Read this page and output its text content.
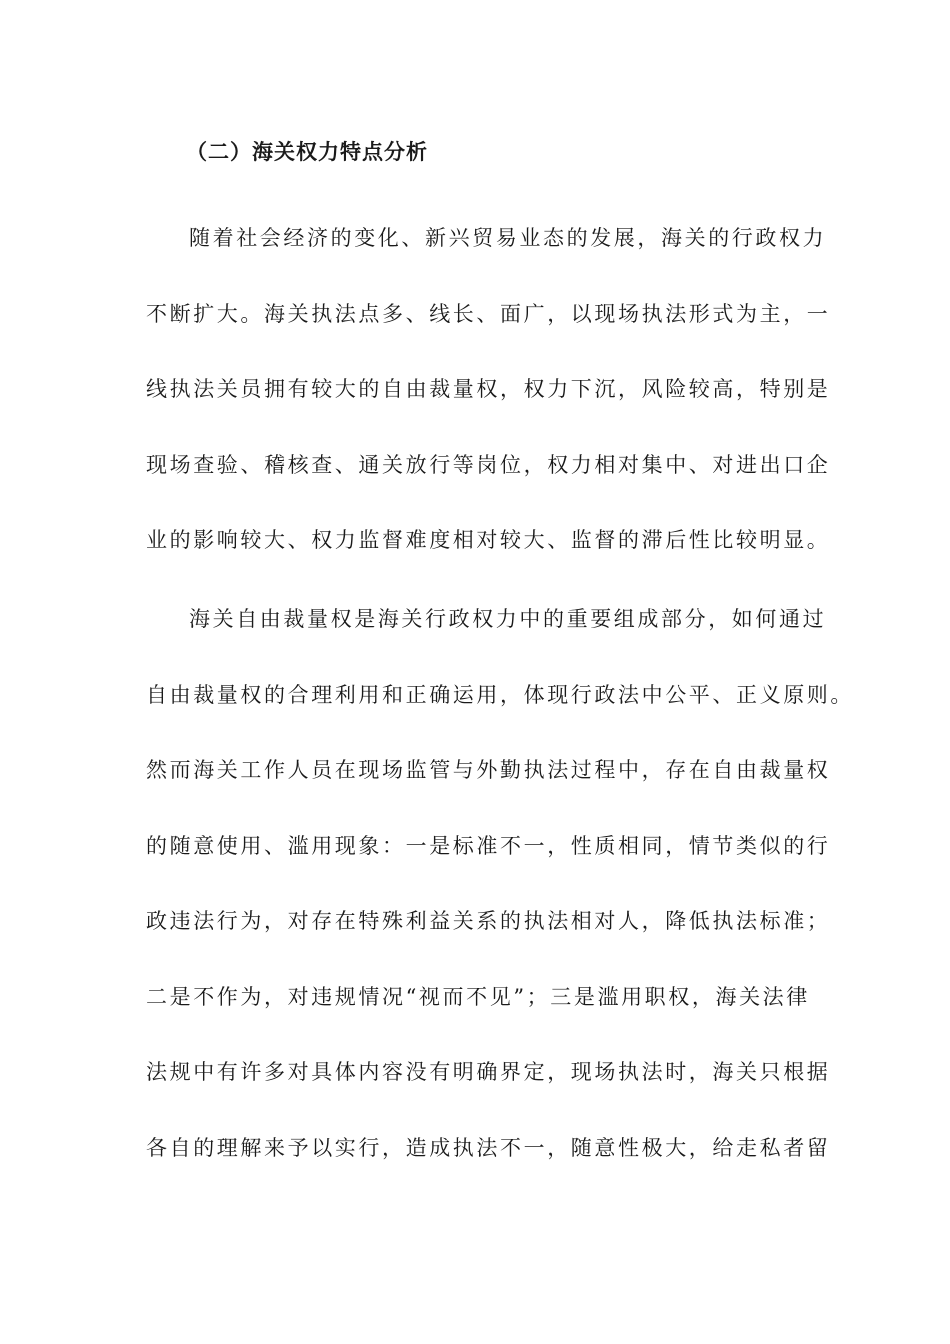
（二）海关权力特点分析
随着社会经济的变化、新兴贸易业态的发展，海关的行政权力
不断扩大。海关执法点多、线长、面广，以现场执法形式为主，一
线执法关员拥有较大的自由裁量权，权力下沉，风险较高，特别是
现场查验、稽核查、通关放行等岗位，权力相对集中、对进出口企
业的影响较大、权力监督难度相对较大、监督的滞后性比较明显。
海关自由裁量权是海关行政权力中的重要组成部分，如何通过
自由裁量权的合理利用和正确运用，体现行政法中公平、正义原则。
然而海关工作人员在现场监管与外勤执法过程中，存在自由裁量权
的随意使用、滥用现象：一是标准不一，性质相同，情节类似的行
政违法行为，对存在特殊利益关系的执法相对人，降低执法标准；
二是不作为，对违规情况“视而不见”；三是滥用职权，海关法律
法规中有许多对具体内容没有明确界定，现场执法时，海关只根据
各自的理解来予以实行，造成执法不一，随意性极大，给走私者留
